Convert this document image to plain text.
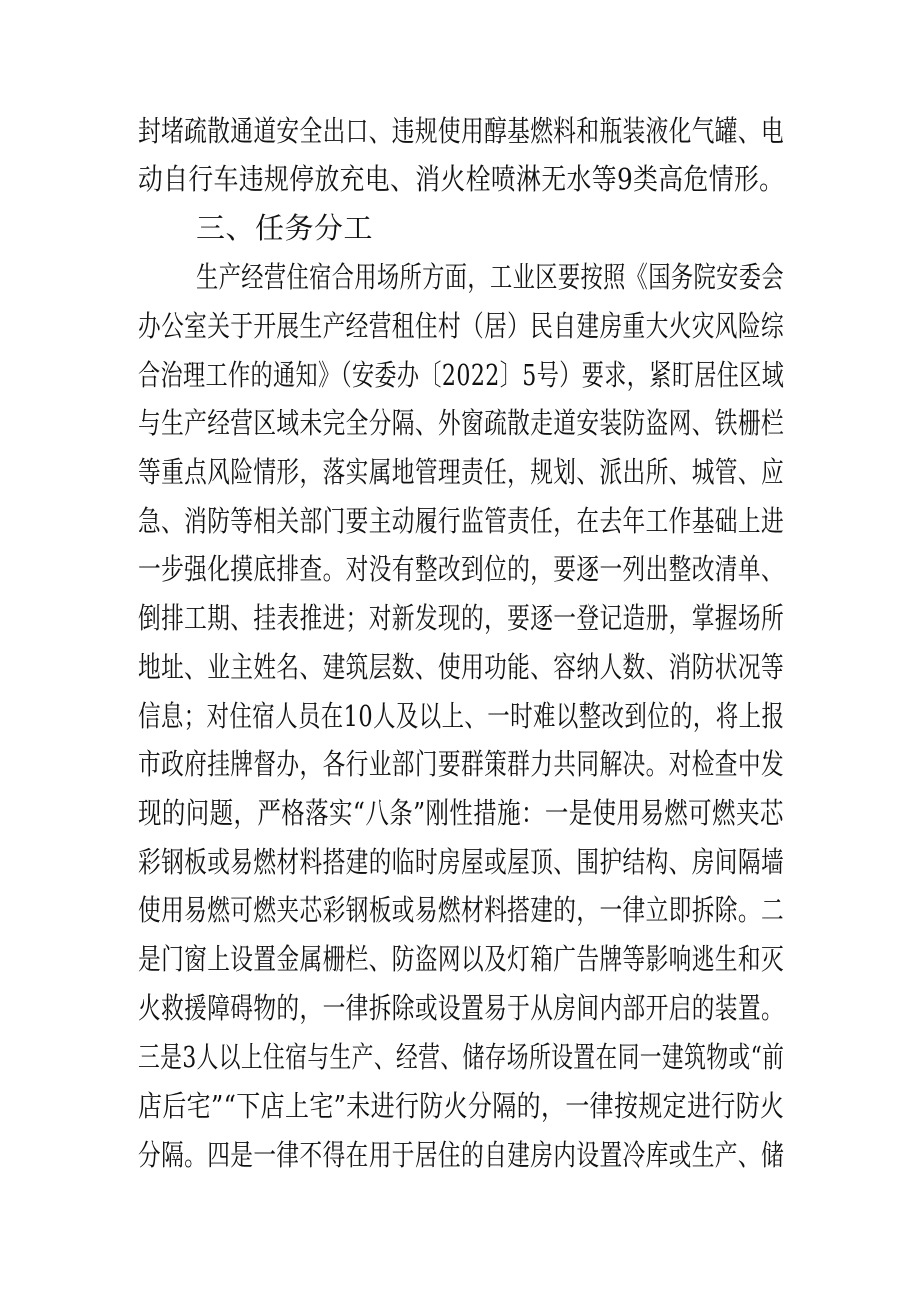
封堵疏散通道安全出口、违规使用醇基燃料和瓶装液化气罐、电
动自行车违规停放充电、消火栓喷淋无水等9类高危情形。
三、任务分工
生产经营住宿合用场所方面，工业区要按照《国务院安委会
办公室关于开展生产经营租住村（居）民自建房重大火灾风险综
合治理工作的通知》（安委办〔2022〕5号）要求，紧盯居住区域
与生产经营区域未完全分隔、外窗疏散走道安装防盗网、铁栅栏
等重点风险情形，落实属地管理责任，规划、派出所、城管、应
急、消防等相关部门要主动履行监管责任，在去年工作基础上进
一步强化摸底排查。对没有整改到位的，要逐一列出整改清单、
倒排工期、挂表推进；对新发现的，要逐一登记造册，掌握场所
地址、业主姓名、建筑层数、使用功能、容纳人数、消防状况等
信息；对住宿人员在10人及以上、一时难以整改到位的，将上报
市政府挂牌督办，各行业部门要群策群力共同解决。对检查中发
现的问题，严格落实“八条”刚性措施：一是使用易燃可燃夹芯
彩钢板或易燃材料搭建的临时房屋或屋顶、围护结构、房间隔墙
使用易燃可燃夹芯彩钢板或易燃材料搭建的，一律立即拆除。二
是门窗上设置金属栅栏、防盗网以及灯箱广告牌等影响逃生和灭
火救援障碍物的，一律拆除或设置易于从房间内部开启的装置。
三是3人以上住宿与生产、经营、储存场所设置在同一建筑物或“前
店后宅”“下店上宅”未进行防火分隔的，一律按规定进行防火
分隔。四是一律不得在用于居住的自建房内设置冷库或生产、储
